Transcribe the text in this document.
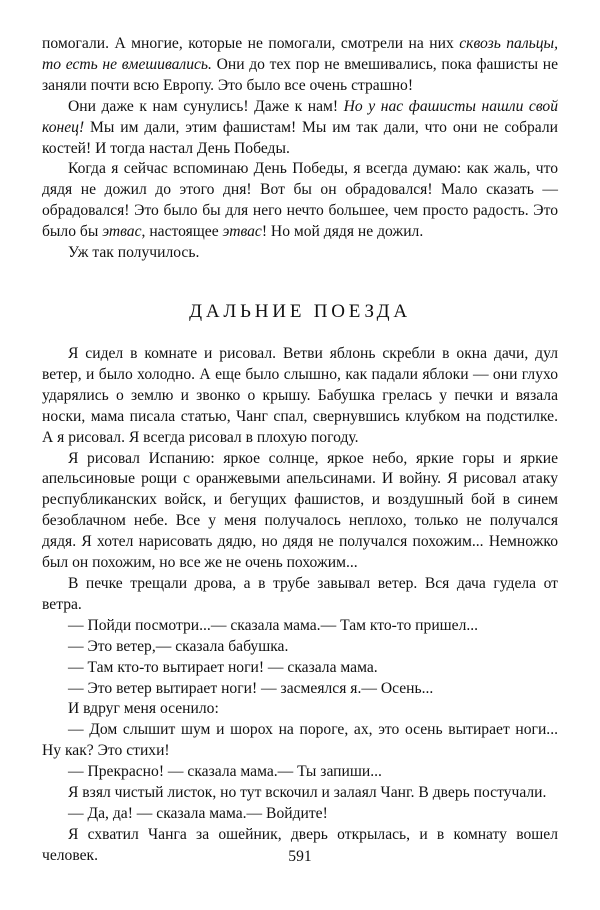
помогали. А многие, которые не помогали, смотрели на них сквозь пальцы, то есть не вмешивались. Они до тех пор не вмешивались, пока фашисты не заняли почти всю Европу. Это было все очень страшно!

Они даже к нам сунулись! Даже к нам! Но у нас фашисты нашли свой конец! Мы им дали, этим фашистам! Мы им так дали, что они не собрали костей! И тогда настал День Победы.

Когда я сейчас вспоминаю День Победы, я всегда думаю: как жаль, что дядя не дожил до этого дня! Вот бы он обрадовался! Мало сказать — обрадовался! Это было бы для него нечто большее, чем просто радость. Это было бы этвас, настоящее этвас! Но мой дядя не дожил.

Уж так получилось.

ДАЛЬНИЕ ПОЕЗДА

Я сидел в комнате и рисовал. Ветви яблонь скребли в окна дачи, дул ветер, и было холодно. А еще было слышно, как падали яблоки — они глухо ударялись о землю и звонко о крышу. Бабушка грелась у печки и вязала носки, мама писала статью, Чанг спал, свернувшись клубком на подстилке. А я рисовал. Я всегда рисовал в плохую погоду.

Я рисовал Испанию: яркое солнце, яркое небо, яркие горы и яркие апельсиновые рощи с оранжевыми апельсинами. И войну. Я рисовал атаку республиканских войск, и бегущих фашистов, и воздушный бой в синем безоблачном небе. Все у меня получалось неплохо, только не получался дядя. Я хотел нарисовать дядю, но дядя не получался похожим... Немножко был он похожим, но все же не очень похожим...

В печке трещали дрова, а в трубе завывал ветер. Вся дача гудела от ветра.

— Пойди посмотри...— сказала мама.— Там кто-то пришел...

— Это ветер,— сказала бабушка.

— Там кто-то вытирает ноги! — сказала мама.

— Это ветер вытирает ноги! — засмеялся я.— Осень...

И вдруг меня осенило:

— Дом слышит шум и шорох на пороге, ах, это осень вытирает ноги... Ну как? Это стихи!

— Прекрасно! — сказала мама.— Ты запиши...

Я взял чистый листок, но тут вскочил и залаял Чанг. В дверь постучали.

— Да, да! — сказала мама.— Войдите!

Я схватил Чанга за ошейник, дверь открылась, и в комнату вошел человек.	591
